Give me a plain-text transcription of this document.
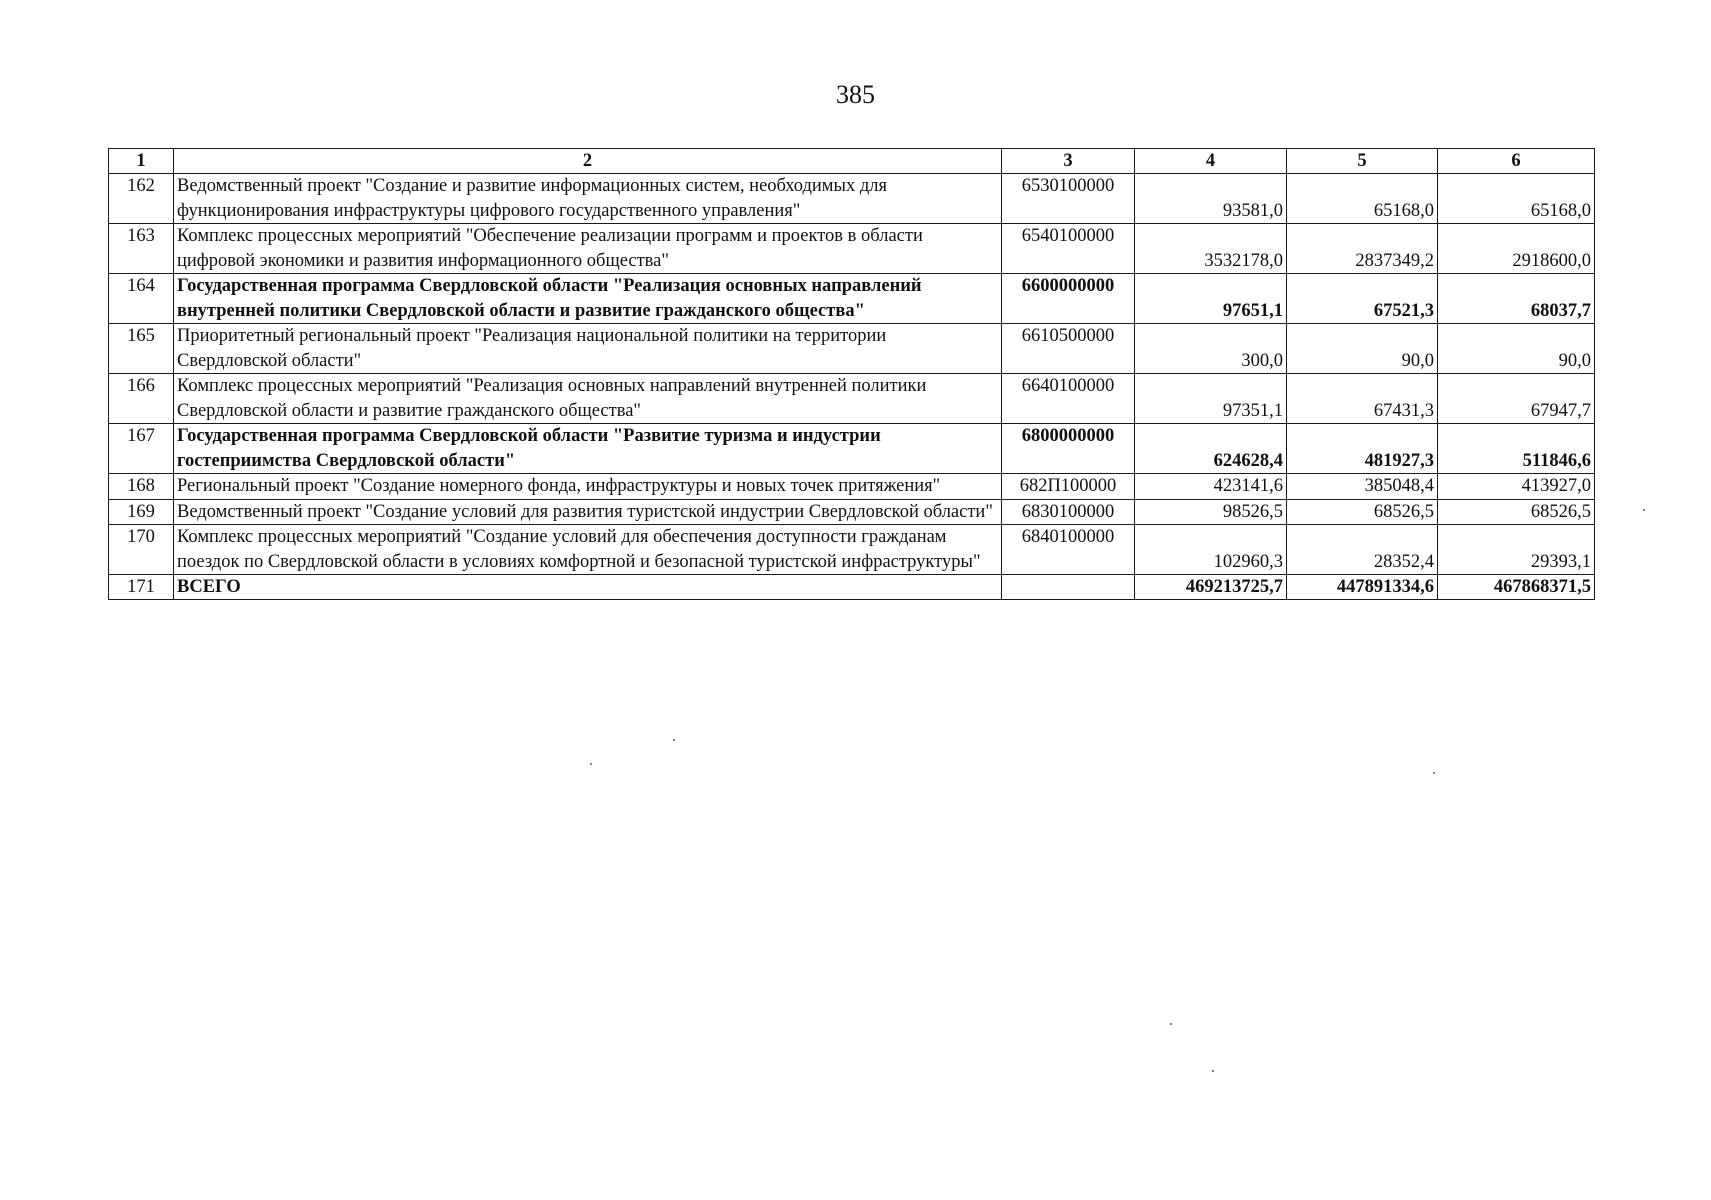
385
1	2	3	4	5	6
162	Ведомственный проект "Создание и развитие информационных систем, необходимых для функционирования инфраструктуры цифрового государственного управления"	6530100000	93581,0	65168,0	65168,0
163	Комплекс процессных мероприятий "Обеспечение реализации программ и проектов в области цифровой экономики и развития информационного общества"	6540100000	3532178,0	2837349,2	2918600,0
164	Государственная программа Свердловской области "Реализация основных направлений внутренней политики Свердловской области и развитие гражданского общества"	6600000000	97651,1	67521,3	68037,7
165	Приоритетный региональный проект "Реализация национальной политики на территории Свердловской области"	6610500000	300,0	90,0	90,0
166	Комплекс процессных мероприятий "Реализация основных направлений внутренней политики Свердловской области и развитие гражданского общества"	6640100000	97351,1	67431,3	67947,7
167	Государственная программа Свердловской области "Развитие туризма и индустрии гостеприимства Свердловской области"	6800000000	624628,4	481927,3	511846,6
168	Региональный проект "Создание номерного фонда, инфраструктуры и новых точек притяжения"	682П100000	423141,6	385048,4	413927,0
169	Ведомственный проект "Создание условий для развития туристской индустрии Свердловской области"	6830100000	98526,5	68526,5	68526,5
170	Комплекс процессных мероприятий "Создание условий для обеспечения доступности гражданам поездок по Свердловской области в условиях комфортной и безопасной туристской инфраструктуры"	6840100000	102960,3	28352,4	29393,1
171	ВСЕГО		469213725,7	447891334,6	467868371,5
